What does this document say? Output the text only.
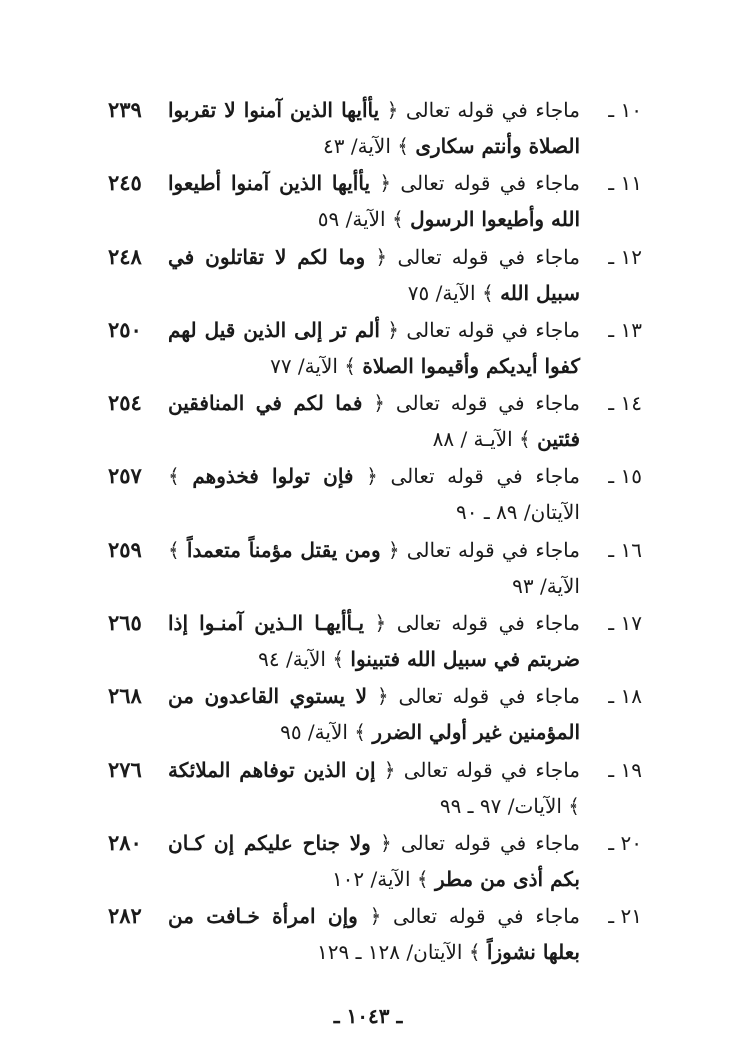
٢٣٩	١٠ ـ
ماجاء في قوله تعالى ﴿ يأأيها الذين آمنوا لا تقربوا الصلاة وأنتم سكارى ﴾ الآية/ ٤٣
٢٤٥	١١ ـ
ماجاء في قوله تعالى ﴿ يأأيها الذين آمنوا أطيعوا الله وأطيعوا الرسول ﴾ الآية/ ٥٩
٢٤٨	١٢ ـ
ماجاء في قوله تعالى ﴿ وما لكم لا تقاتلون في سبيل الله ﴾ الآية/ ٧٥
٢٥٠	١٣ ـ
ماجاء في قوله تعالى ﴿ ألم تر إلى الذين قيل لهم كفوا أيديكم وأقيموا الصلاة ﴾ الآية/ ٧٧
٢٥٤	١٤ ـ
ماجاء في قوله تعالى ﴿ فما لكم في المنافقين فئتين ﴾ الآيـة / ٨٨
٢٥٧	١٥ ـ
ماجاء في قوله تعالى ﴿ فإن تولوا فخذوهم ﴾ الآيتان/ ٨٩ ـ ٩٠
٢٥٩	١٦ ـ
ماجاء في قوله تعالى ﴿ ومن يقتل مؤمناً متعمداً ﴾ الآية/ ٩٣
٢٦٥	١٧ ـ
ماجاء في قوله تعالى ﴿ يـأأيهـا الـذين آمنـوا إذا ضربتم في سبيل الله فتبينوا ﴾ الآية/ ٩٤
٢٦٨	١٨ ـ
ماجاء في قوله تعالى ﴿ لا يستوي القاعدون من المؤمنين غير أولي الضرر ﴾ الآية/ ٩٥
٢٧٦	١٩ ـ
ماجاء في قوله تعالى ﴿ إن الذين توفاهم الملائكة ﴾ الآيات/ ٩٧ ـ ٩٩
٢٨٠	٢٠ ـ
ماجاء في قوله تعالى ﴿ ولا جناح عليكم إن كـان بكم أذى من مطر ﴾ الآية/ ١٠٢
٢٨٢	٢١ ـ
ماجاء في قوله تعالى ﴿ وإن امرأة خـافت من بعلها نشوزاً ﴾ الآيتان/ ١٢٨ ـ ١٢٩
ـ ١٠٤٣ ـ
